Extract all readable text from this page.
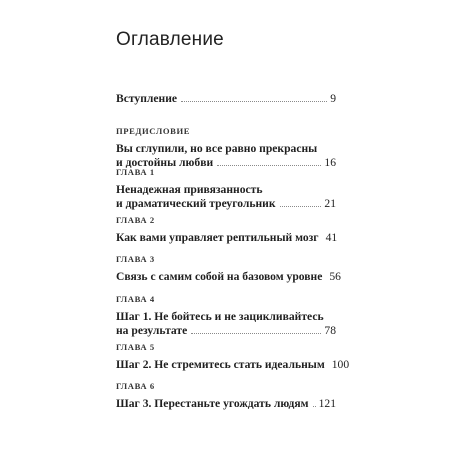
Оглавление
Вступление	9
ПРЕДИСЛОВИЕ
Вы сглупили, но все равно прекрасны
и достойны любви	16
ГЛАВА 1
Ненадежная привязанность
и драматический треугольник	21
ГЛАВА 2
Как вами управляет рептильный мозг 41
ГЛАВА 3
Связь с самим собой на базовом уровне 56
ГЛАВА 4
Шаг 1. Не бойтесь и не зацикливайтесь
на результате	78
ГЛАВА 5
Шаг 2. Не стремитесь стать идеальным 100
ГЛАВА 6
Шаг 3. Перестаньте угождать людям 121
